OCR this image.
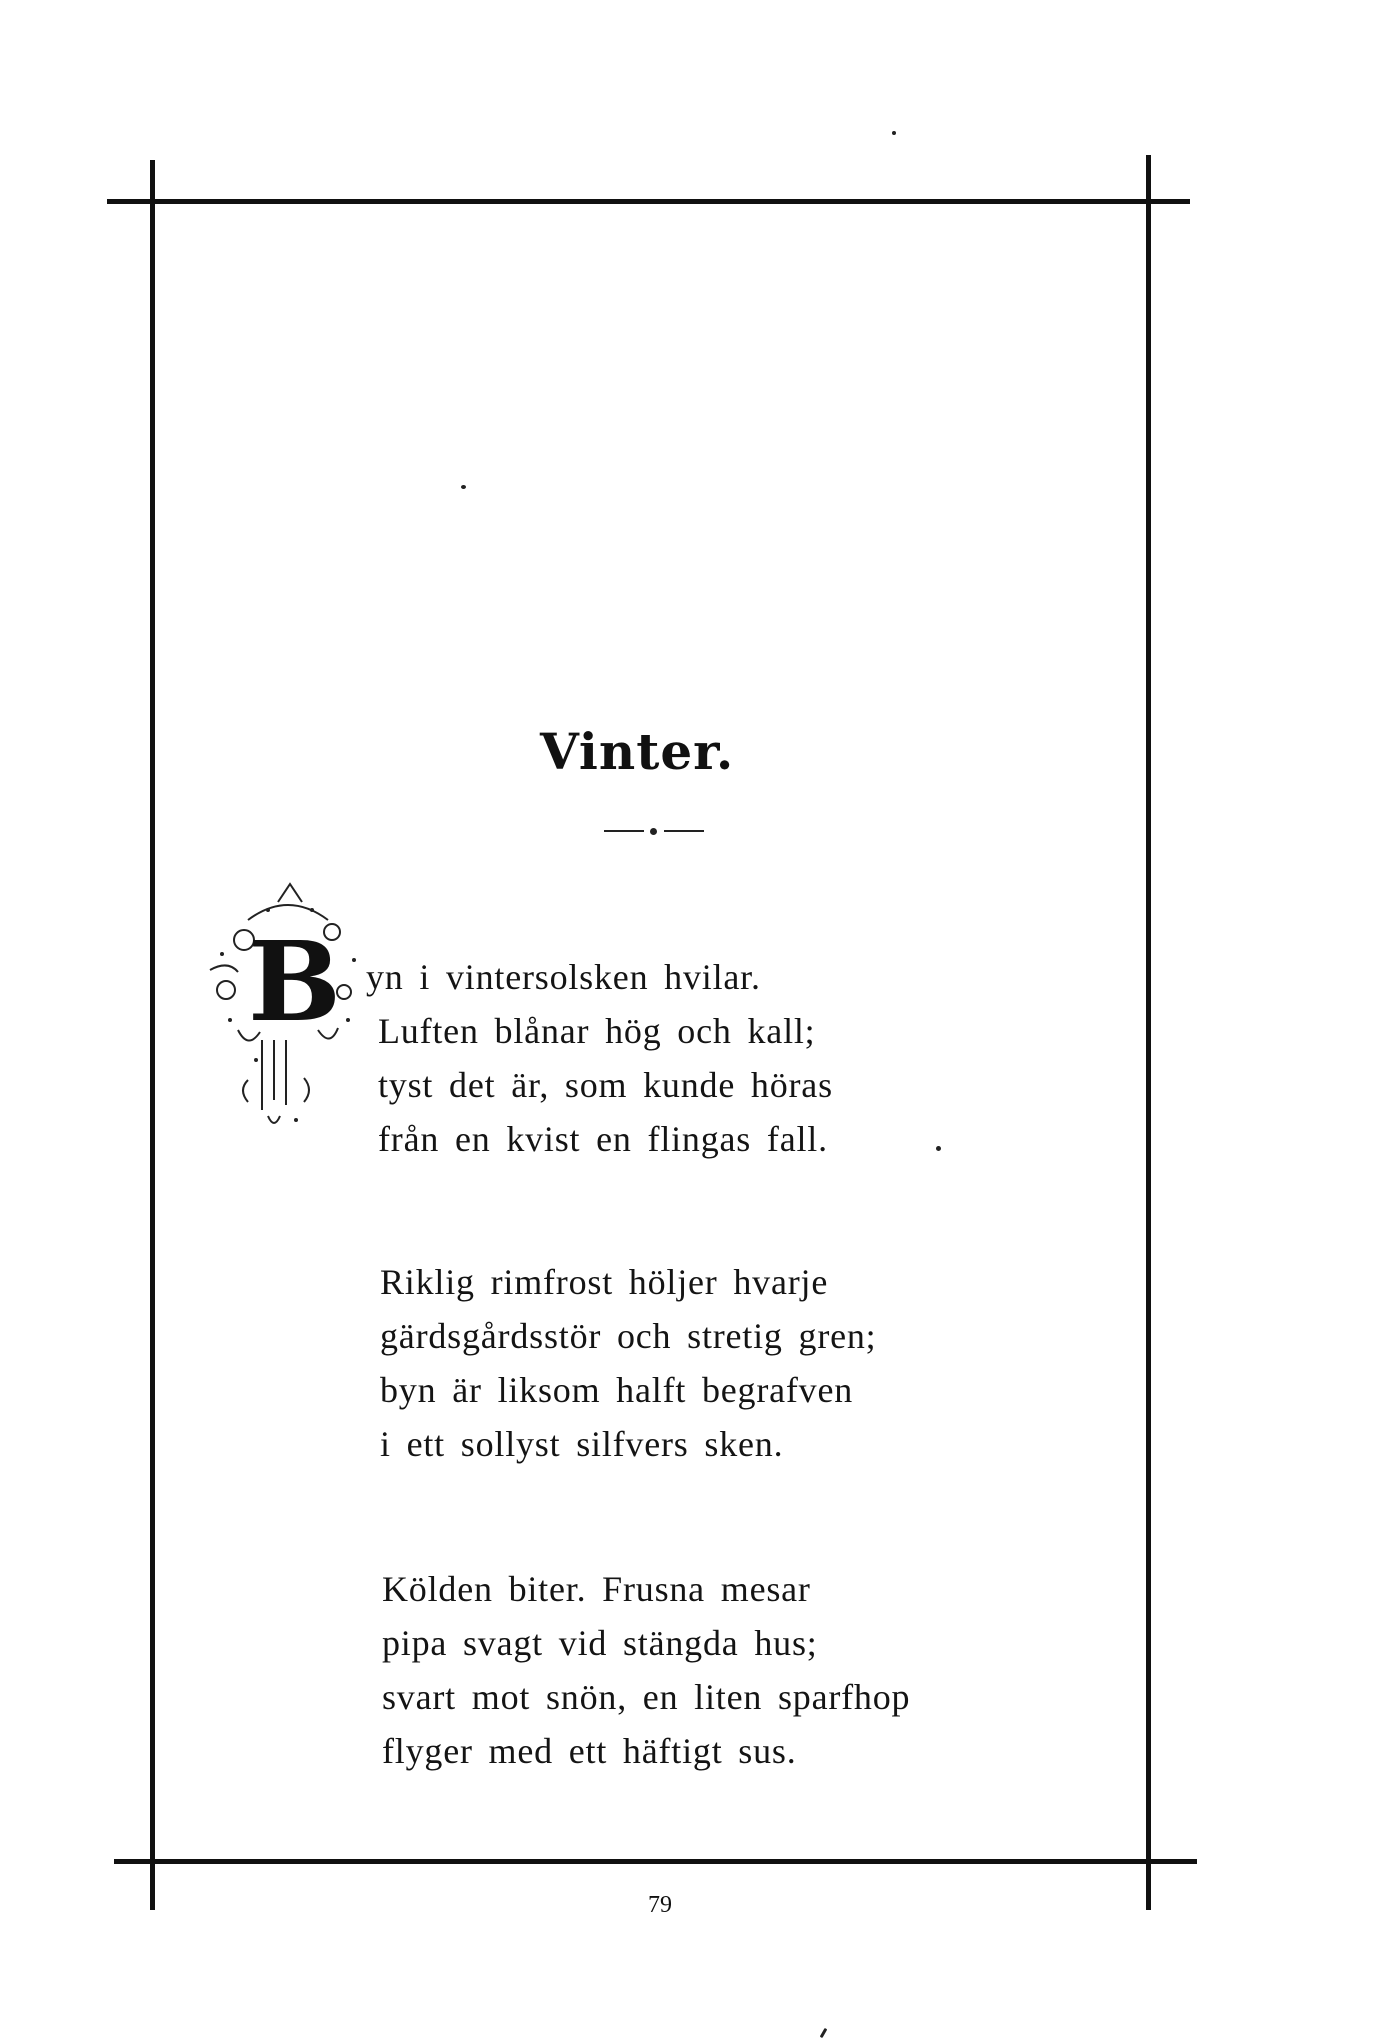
Vinter.
B yn i vintersolsken hvilar.
Luften blånar hög och kall;
tyst det är, som kunde höras
från en kvist en flingas fall.
Riklig rimfrost höljer hvarje
gärdsgårdsstör och stretig gren;
byn är liksom halft begrafven
i ett sollyst silfvers sken.
Kölden biter. Frusna mesar
pipa svagt vid stängda hus;
svart mot snön, en liten sparfhop
flyger med ett häftigt sus.
79
